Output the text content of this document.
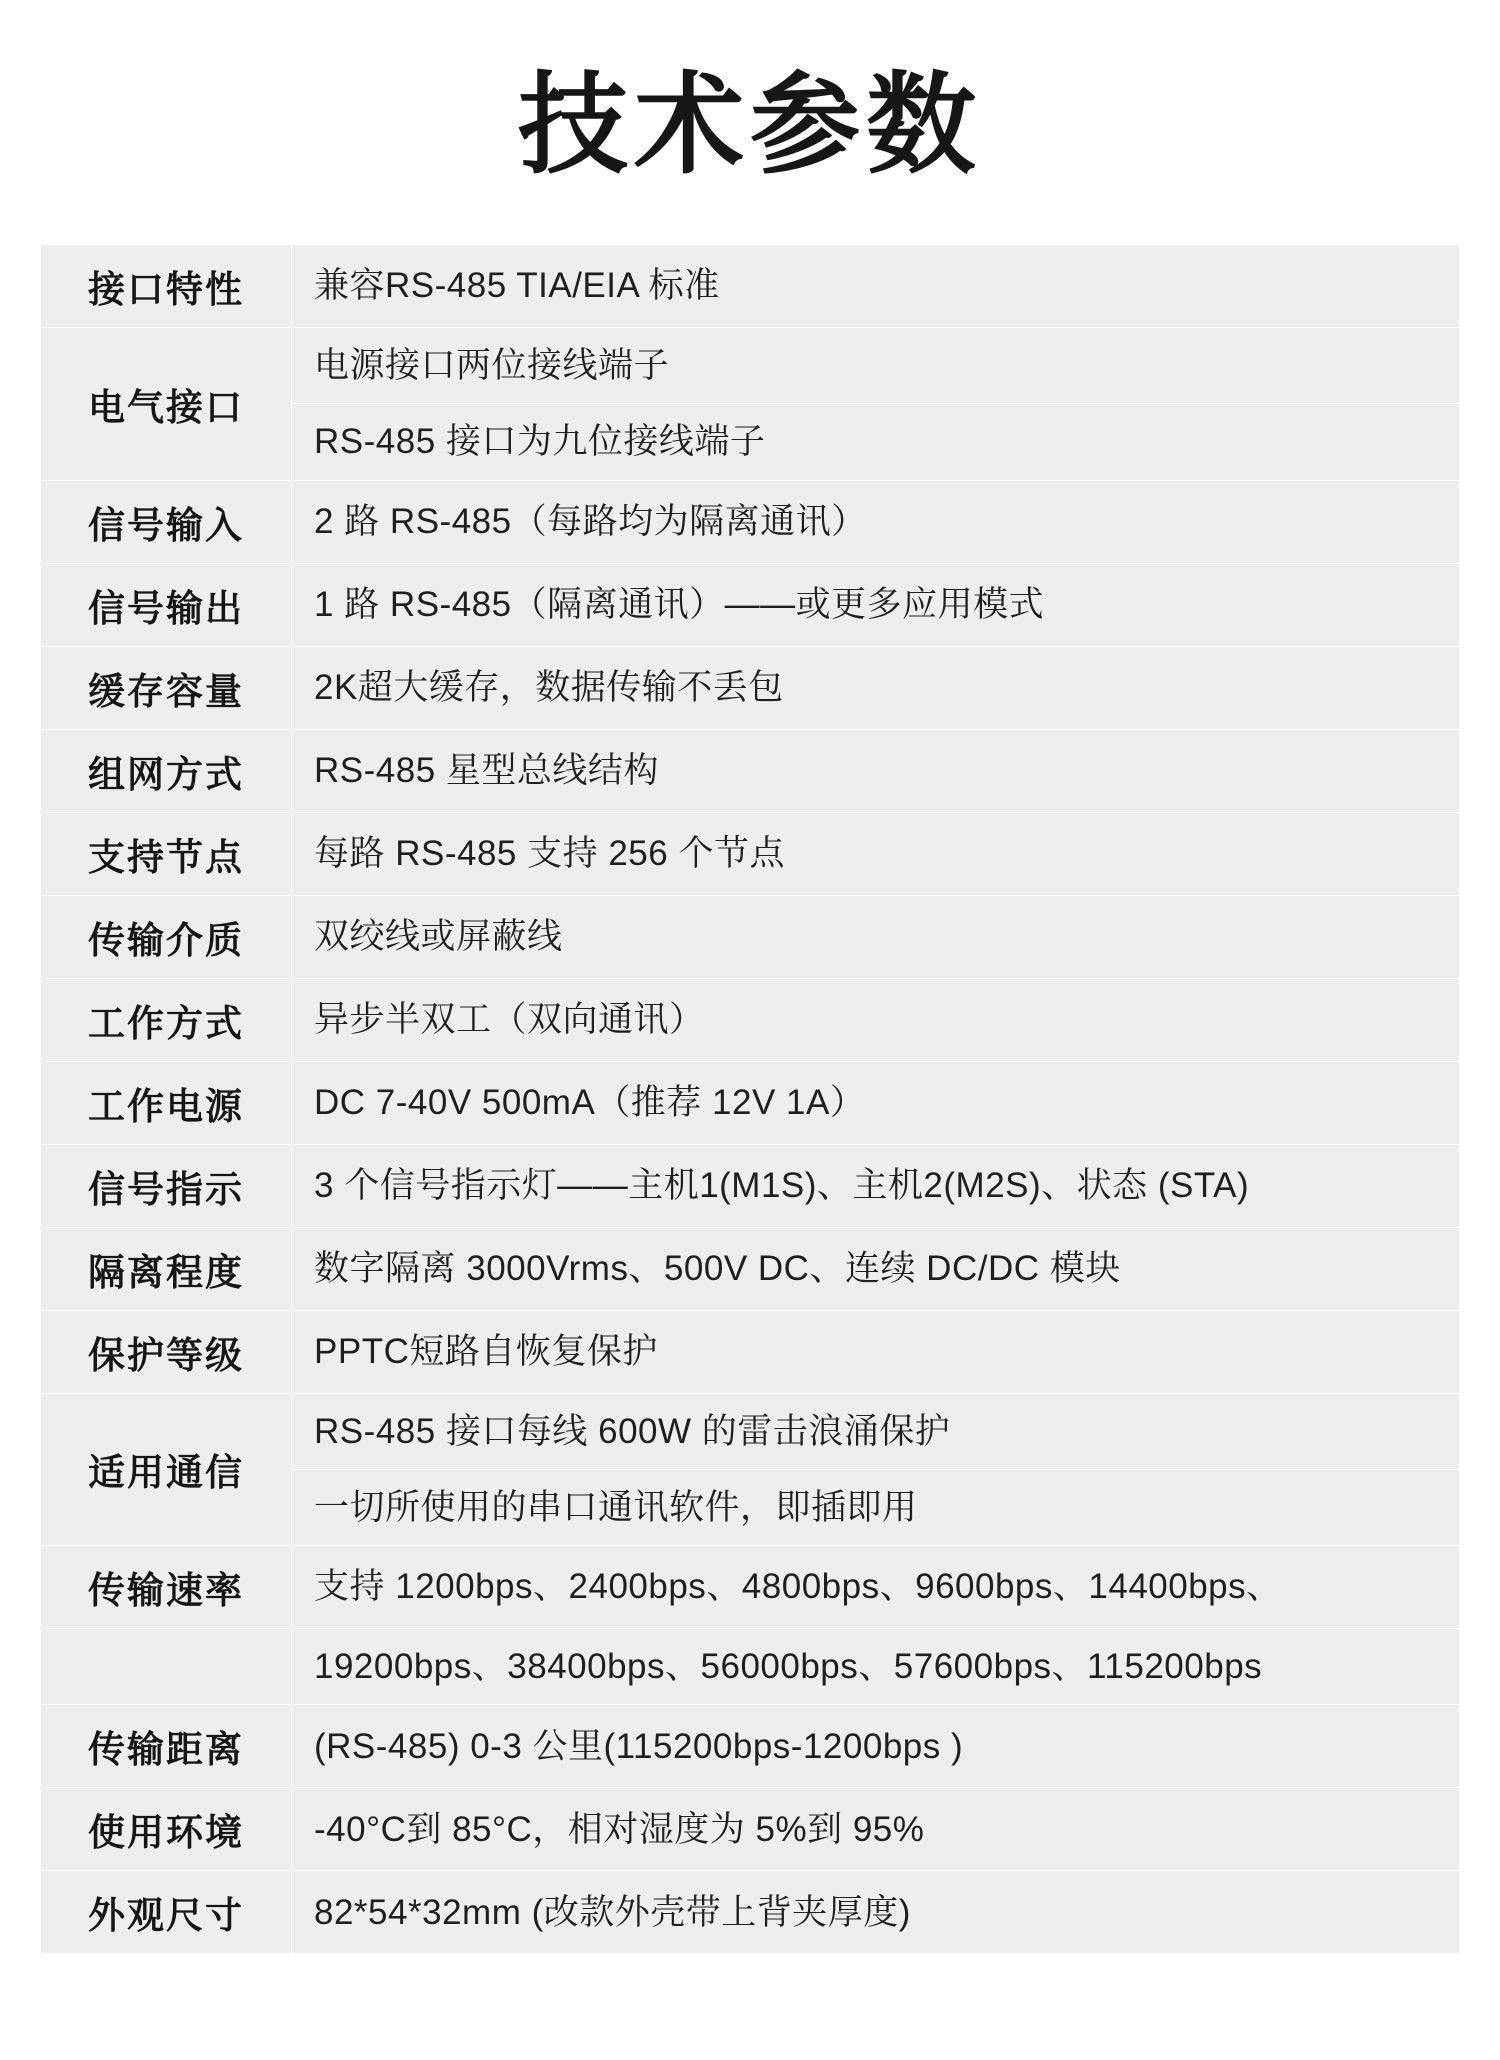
技术参数
接口特性	兼容RS-485 TIA/EIA 标准
电气接口	电源接口两位接线端子
	RS-485 接口为九位接线端子
信号输入	2 路 RS-485（每路均为隔离通讯）
信号输出	1 路 RS-485（隔离通讯）——或更多应用模式
缓存容量	2K超大缓存，数据传输不丢包
组网方式	RS-485 星型总线结构
支持节点	每路 RS-485 支持 256 个节点
传输介质	双绞线或屏蔽线
工作方式	异步半双工（双向通讯）
工作电源	DC 7-40V 500mA（推荐 12V 1A）
信号指示	3 个信号指示灯——主机1(M1S)、主机2(M2S)、状态 (STA)
隔离程度	数字隔离 3000Vrms、500V DC、连续 DC/DC 模块
保护等级	PPTC短路自恢复保护
适用通信	RS-485 接口每线 600W 的雷击浪涌保护
	一切所使用的串口通讯软件，即插即用
传输速率	支持 1200bps、2400bps、4800bps、9600bps、14400bps、
	19200bps、38400bps、56000bps、57600bps、115200bps
传输距离	(RS-485) 0-3 公里(115200bps-1200bps )
使用环境	-40°C到 85°C，相对湿度为 5%到 95%
外观尺寸	82*54*32mm (改款外壳带上背夹厚度)
